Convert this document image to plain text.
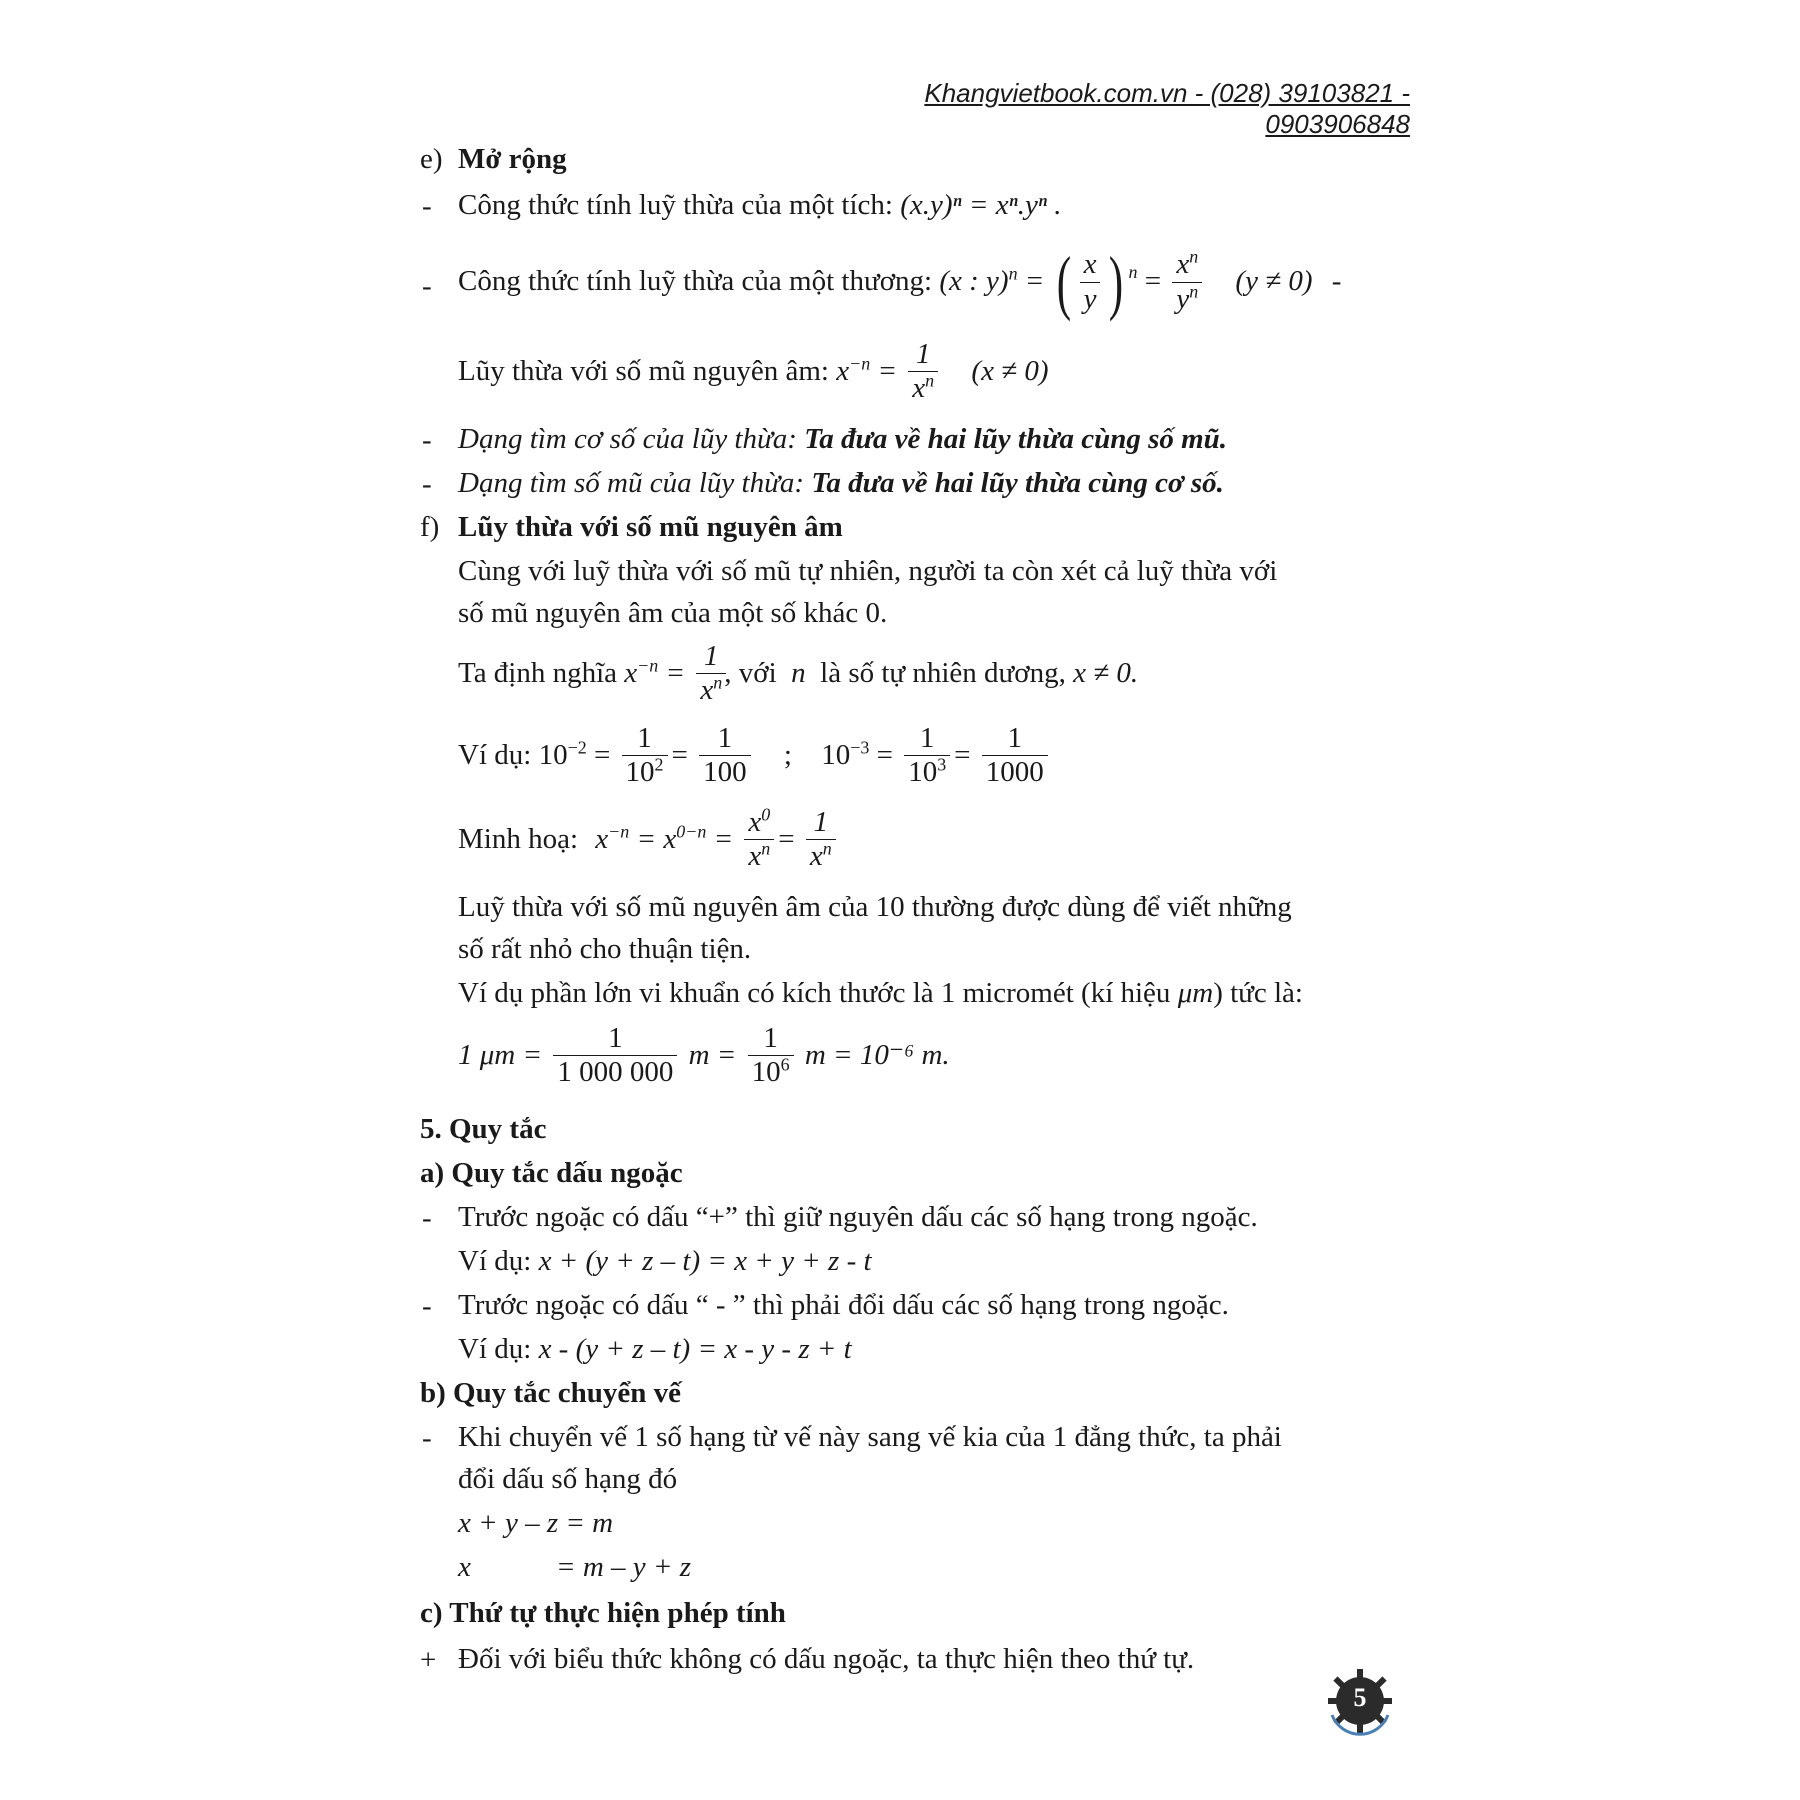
Khangvietbook.com.vn - (028) 39103821 - 0903906848
e) Mở rộng
- Công thức tính luỹ thừa của một tích: (x.y)ⁿ = xⁿ.yⁿ .
- Công thức tính luỹ thừa của một thương: (x : y)$^n$ = ( $\frac{x}{y}$ ) $^n = \frac{x^n}{y^n} (y \ne 0)$ -
Lũy thừa với số mũ nguyên âm: $x^{-n} = \frac{1}{x^n} (x \ne 0)$
- Dạng tìm cơ số của lũy thừa: Ta đưa về hai lũy thừa cùng số mũ.
- Dạng tìm số mũ của lũy thừa: Ta đưa về hai lũy thừa cùng cơ số.
f) Lũy thừa với số mũ nguyên âm
Cùng với luỹ thừa với số mũ tự nhiên, người ta còn xét cả luỹ thừa với
số mũ nguyên âm của một số khác 0.
Ta định nghĩa $x^{-n} = \frac{1}{x^n}$
, với  n  là số tự nhiên dương, x ≠ 0.
Ví dụ: $10^{-2} = \frac{1}{10^2} = \frac{1}{100}$ ; $10^{-3} = \frac{1}{10^3} = \frac{1}{1000}$
Minh hoạ: $x^{-n} = x^{0-n} = \frac{x^0}{x^n} = \frac{1}{x^n}$
Luỹ thừa với số mũ nguyên âm của 10 thường được dùng để viết những
số rất nhỏ cho thuận tiện.
Ví dụ phần lớn vi khuẩn có kích thước là 1 micromét (kí hiệu μm) tức là:
1 $\mu m = \frac{1}{1 000 000}$ $m = \frac{1}{10^6}$ m = 10⁻⁶ m.
5. Quy tắc
a) Quy tắc dấu ngoặc
- Trước ngoặc có dấu “+” thì giữ nguyên dấu các số hạng trong ngoặc.
Ví dụ: x + (y + z – t) = x + y + z - t
- Trước ngoặc có dấu “ - ” thì phải đổi dấu các số hạng trong ngoặc.
Ví dụ: x - (y + z – t) = x - y - z + t
b) Quy tắc chuyển vế
- Khi chuyển vế 1 số hạng từ vế này sang vế kia của 1 đẳng thức, ta phải
đổi dấu số hạng đó
x + y – z = m
x	= m – y + z
c) Thứ tự thực hiện phép tính
+ Đối với biểu thức không có dấu ngoặc, ta thực hiện theo thứ tự.
5
